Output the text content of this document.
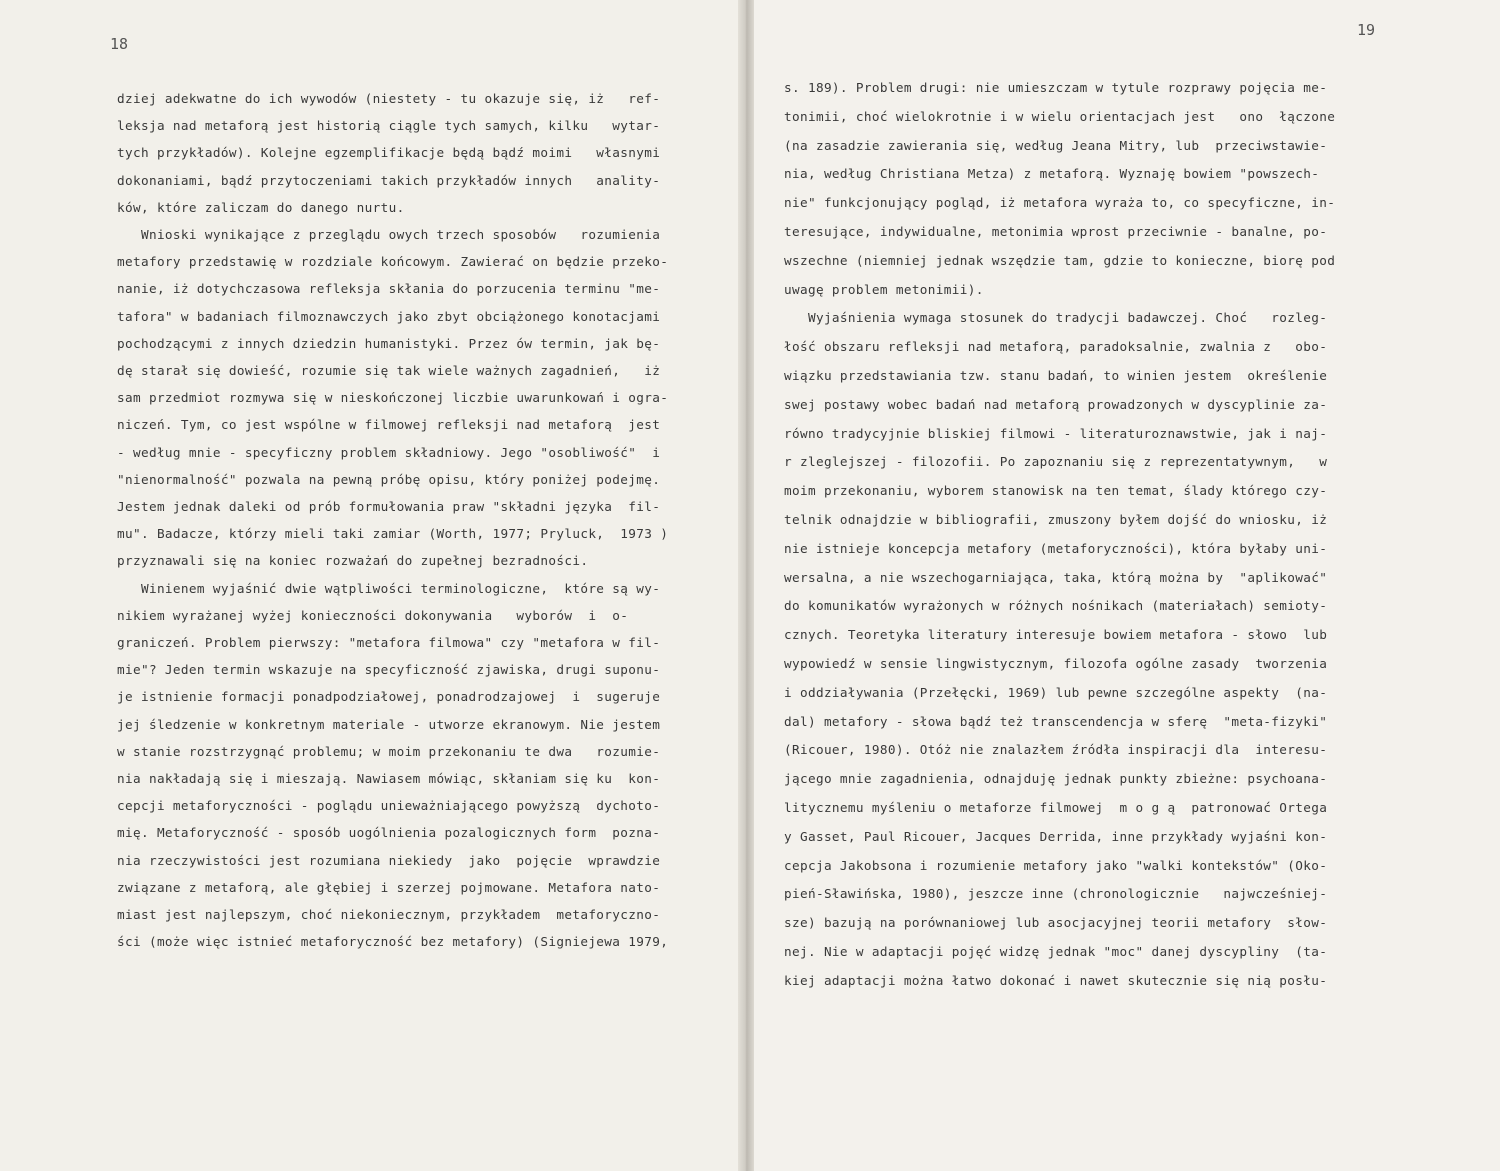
18
dziej adekwatne do ich wywodów (niestety - tu okazuje się, iż   ref-
leksja nad metaforą jest historią ciągle tych samych, kilku   wytar-
tych przykładów). Kolejne egzemplifikacje będą bądź moimi   własnymi
dokonaniami, bądź przytoczeniami takich przykładów innych   anality-
ków, które zaliczam do danego nurtu.
Wnioski wynikające z przeglądu owych trzech sposobów   rozumienia
metafory przedstawię w rozdziale końcowym. Zawierać on będzie przeko-
nanie, iż dotychczasowa refleksja skłania do porzucenia terminu "me-
tafora" w badaniach filmoznawczych jako zbyt obciążonego konotacjami
pochodzącymi z innych dziedzin humanistyki. Przez ów termin, jak bę-
dę starał się dowieść, rozumie się tak wiele ważnych zagadnień,   iż
sam przedmiot rozmywa się w nieskończonej liczbie uwarunkowań i ogra-
niczeń. Tym, co jest wspólne w filmowej refleksji nad metaforą  jest
- według mnie - specyficzny problem składniowy. Jego "osobliwość"  i
"nienormalność" pozwala na pewną próbę opisu, który poniżej podejmę.
Jestem jednak daleki od prób formułowania praw "składni języka  fil-
mu". Badacze, którzy mieli taki zamiar (Worth, 1977; Pryluck,  1973 )
przyznawali się na koniec rozważań do zupełnej bezradności.
Winienem wyjaśnić dwie wątpliwości terminologiczne,  które są wy-
nikiem wyrażanej wyżej konieczności dokonywania   wyborów  i  o-
graniczeń. Problem pierwszy: "metafora filmowa" czy "metafora w fil-
mie"? Jeden termin wskazuje na specyficzność zjawiska, drugi suponu-
je istnienie formacji ponadpodziałowej, ponadrodzajowej  i  sugeruje
jej śledzenie w konkretnym materiale - utworze ekranowym. Nie jestem
w stanie rozstrzygnąć problemu; w moim przekonaniu te dwa   rozumie-
nia nakładają się i mieszają. Nawiasem mówiąc, skłaniam się ku  kon-
cepcji metaforyczności - poglądu unieważniającego powyższą  dychoto-
mię. Metaforyczność - sposób uogólnienia pozalogicznych form  pozna-
nia rzeczywistości jest rozumiana niekiedy  jako  pojęcie  wprawdzie
związane z metaforą, ale głębiej i szerzej pojmowane. Metafora nato-
miast jest najlepszym, choć niekoniecznym, przykładem  metaforyczno-
ści (może więc istnieć metaforyczność bez metafory) (Signiejewa 1979,
19
s. 189). Problem drugi: nie umieszczam w tytule rozprawy pojęcia me-
tonimii, choć wielokrotnie i w wielu orientacjach jest   ono  łączone
(na zasadzie zawierania się, według Jeana Mitry, lub  przeciwstawie-
nia, według Christiana Metza) z metaforą. Wyznaję bowiem "powszech-
nie" funkcjonujący pogląd, iż metafora wyraża to, co specyficzne, in-
teresujące, indywidualne, metonimia wprost przeciwnie - banalne, po-
wszechne (niemniej jednak wszędzie tam, gdzie to konieczne, biorę pod
uwagę problem metonimii).
Wyjaśnienia wymaga stosunek do tradycji badawczej. Choć   rozleg-
łość obszaru refleksji nad metaforą, paradoksalnie, zwalnia z   obo-
wiązku przedstawiania tzw. stanu badań, to winien jestem  określenie
swej postawy wobec badań nad metaforą prowadzonych w dyscyplinie za-
równo tradycyjnie bliskiej filmowi - literaturoznawstwie, jak i naj-
r zleglejszej - filozofii. Po zapoznaniu się z reprezentatywnym,   w
moim przekonaniu, wyborem stanowisk na ten temat, ślady którego czy-
telnik odnajdzie w bibliografii, zmuszony byłem dojść do wniosku, iż
nie istnieje koncepcja metafory (metaforyczności), która byłaby uni-
wersalna, a nie wszechogarniająca, taka, którą można by  "aplikować"
do komunikatów wyrażonych w różnych nośnikach (materiałach) semioty-
cznych. Teoretyka literatury interesuje bowiem metafora - słowo  lub
wypowiedź w sensie lingwistycznym, filozofa ogólne zasady  tworzenia
i oddziaływania (Przełęcki, 1969) lub pewne szczególne aspekty  (na-
dal) metafory - słowa bądź też transcendencja w sferę  "meta-fizyki"
(Ricouer, 1980). Otóż nie znalazłem źródła inspiracji dla  interesu-
jącego mnie zagadnienia, odnajduję jednak punkty zbieżne: psychoana-
litycznemu myśleniu o metaforze filmowej  m o g ą  patronować Ortega
y Gasset, Paul Ricouer, Jacques Derrida, inne przykłady wyjaśni kon-
cepcja Jakobsona i rozumienie metafory jako "walki kontekstów" (Oko-
pień-Sławińska, 1980), jeszcze inne (chronologicznie   najwcześniej-
sze) bazują na porównaniowej lub asocjacyjnej teorii metafory  słow-
nej. Nie w adaptacji pojęć widzę jednak "moc" danej dyscypliny  (ta-
kiej adaptacji można łatwo dokonać i nawet skutecznie się nią posłu-
